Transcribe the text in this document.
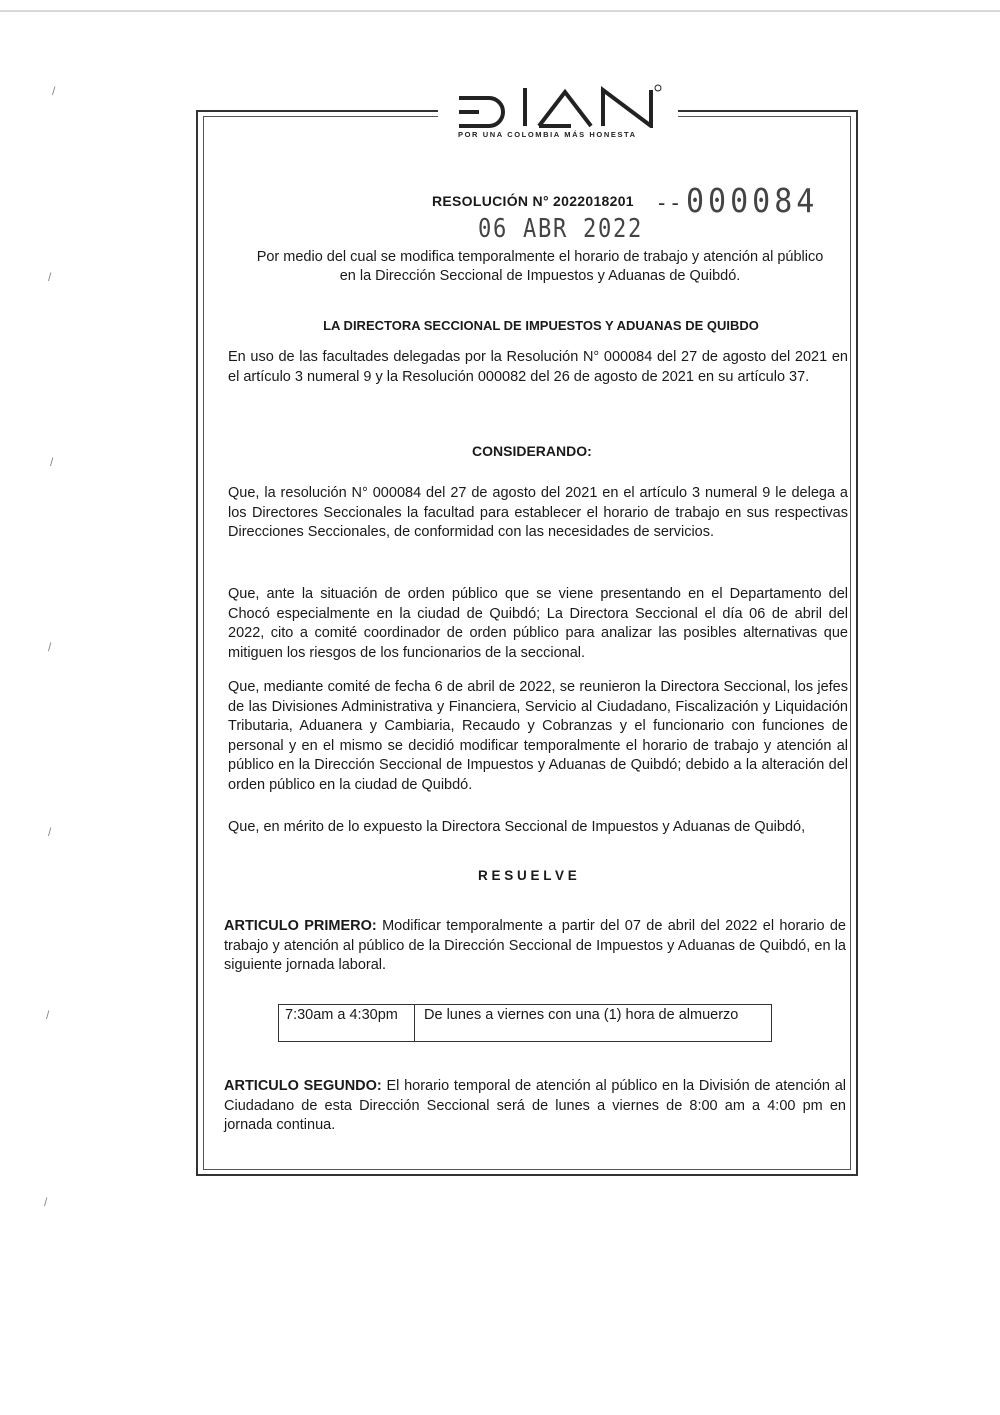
POR UNA COLOMBIA MÁS HONESTA
RESOLUCIÓN N° 2022018201 - - 000084
06 ABR 2022
Por medio del cual se modifica temporalmente el horario de trabajo y atención al público
en la Dirección Seccional de Impuestos y Aduanas de Quibdó.
LA DIRECTORA SECCIONAL DE IMPUESTOS Y ADUANAS DE QUIBDO
En uso de las facultades delegadas por la Resolución N° 000084 del 27 de agosto del 2021 en el artículo 3 numeral 9 y la Resolución 000082 del 26 de agosto de 2021 en su artículo 37.
CONSIDERANDO:
Que, la resolución N° 000084 del 27 de agosto del 2021 en el artículo 3 numeral 9 le delega a los Directores Seccionales la facultad para establecer el horario de trabajo en sus respectivas Direcciones Seccionales, de conformidad con las necesidades de servicios.
Que, ante la situación de orden público que se viene presentando en el Departamento del Chocó especialmente en la ciudad de Quibdó; La Directora Seccional el día 06 de abril del 2022, cito a comité coordinador de orden público para analizar las posibles alternativas que mitiguen los riesgos de los funcionarios de la seccional.
Que, mediante comité de fecha 6 de abril de 2022, se reunieron la Directora Seccional, los jefes de las Divisiones Administrativa y Financiera, Servicio al Ciudadano, Fiscalización y Liquidación Tributaria, Aduanera y Cambiaria, Recaudo y Cobranzas y el funcionario con funciones de personal y en el mismo se decidió modificar temporalmente el horario de trabajo y atención al público en la Dirección Seccional de Impuestos y Aduanas de Quibdó; debido a la alteración del orden público en la ciudad de Quibdó.
Que, en mérito de lo expuesto la Directora Seccional de Impuestos y Aduanas de Quibdó,
R E S U E L V E
ARTICULO PRIMERO: Modificar temporalmente a partir del 07 de abril del 2022 el horario de trabajo y atención al público de la Dirección Seccional de Impuestos y Aduanas de Quibdó, en la siguiente jornada laboral.
7:30am a 4:30pm	De lunes a viernes con una (1) hora de almuerzo
ARTICULO SEGUNDO: El horario temporal de atención al público en la División de atención al Ciudadano de esta Dirección Seccional será de lunes a viernes de 8:00 am a 4:00 pm en jornada continua.
/
/
/
/
/
/
/
